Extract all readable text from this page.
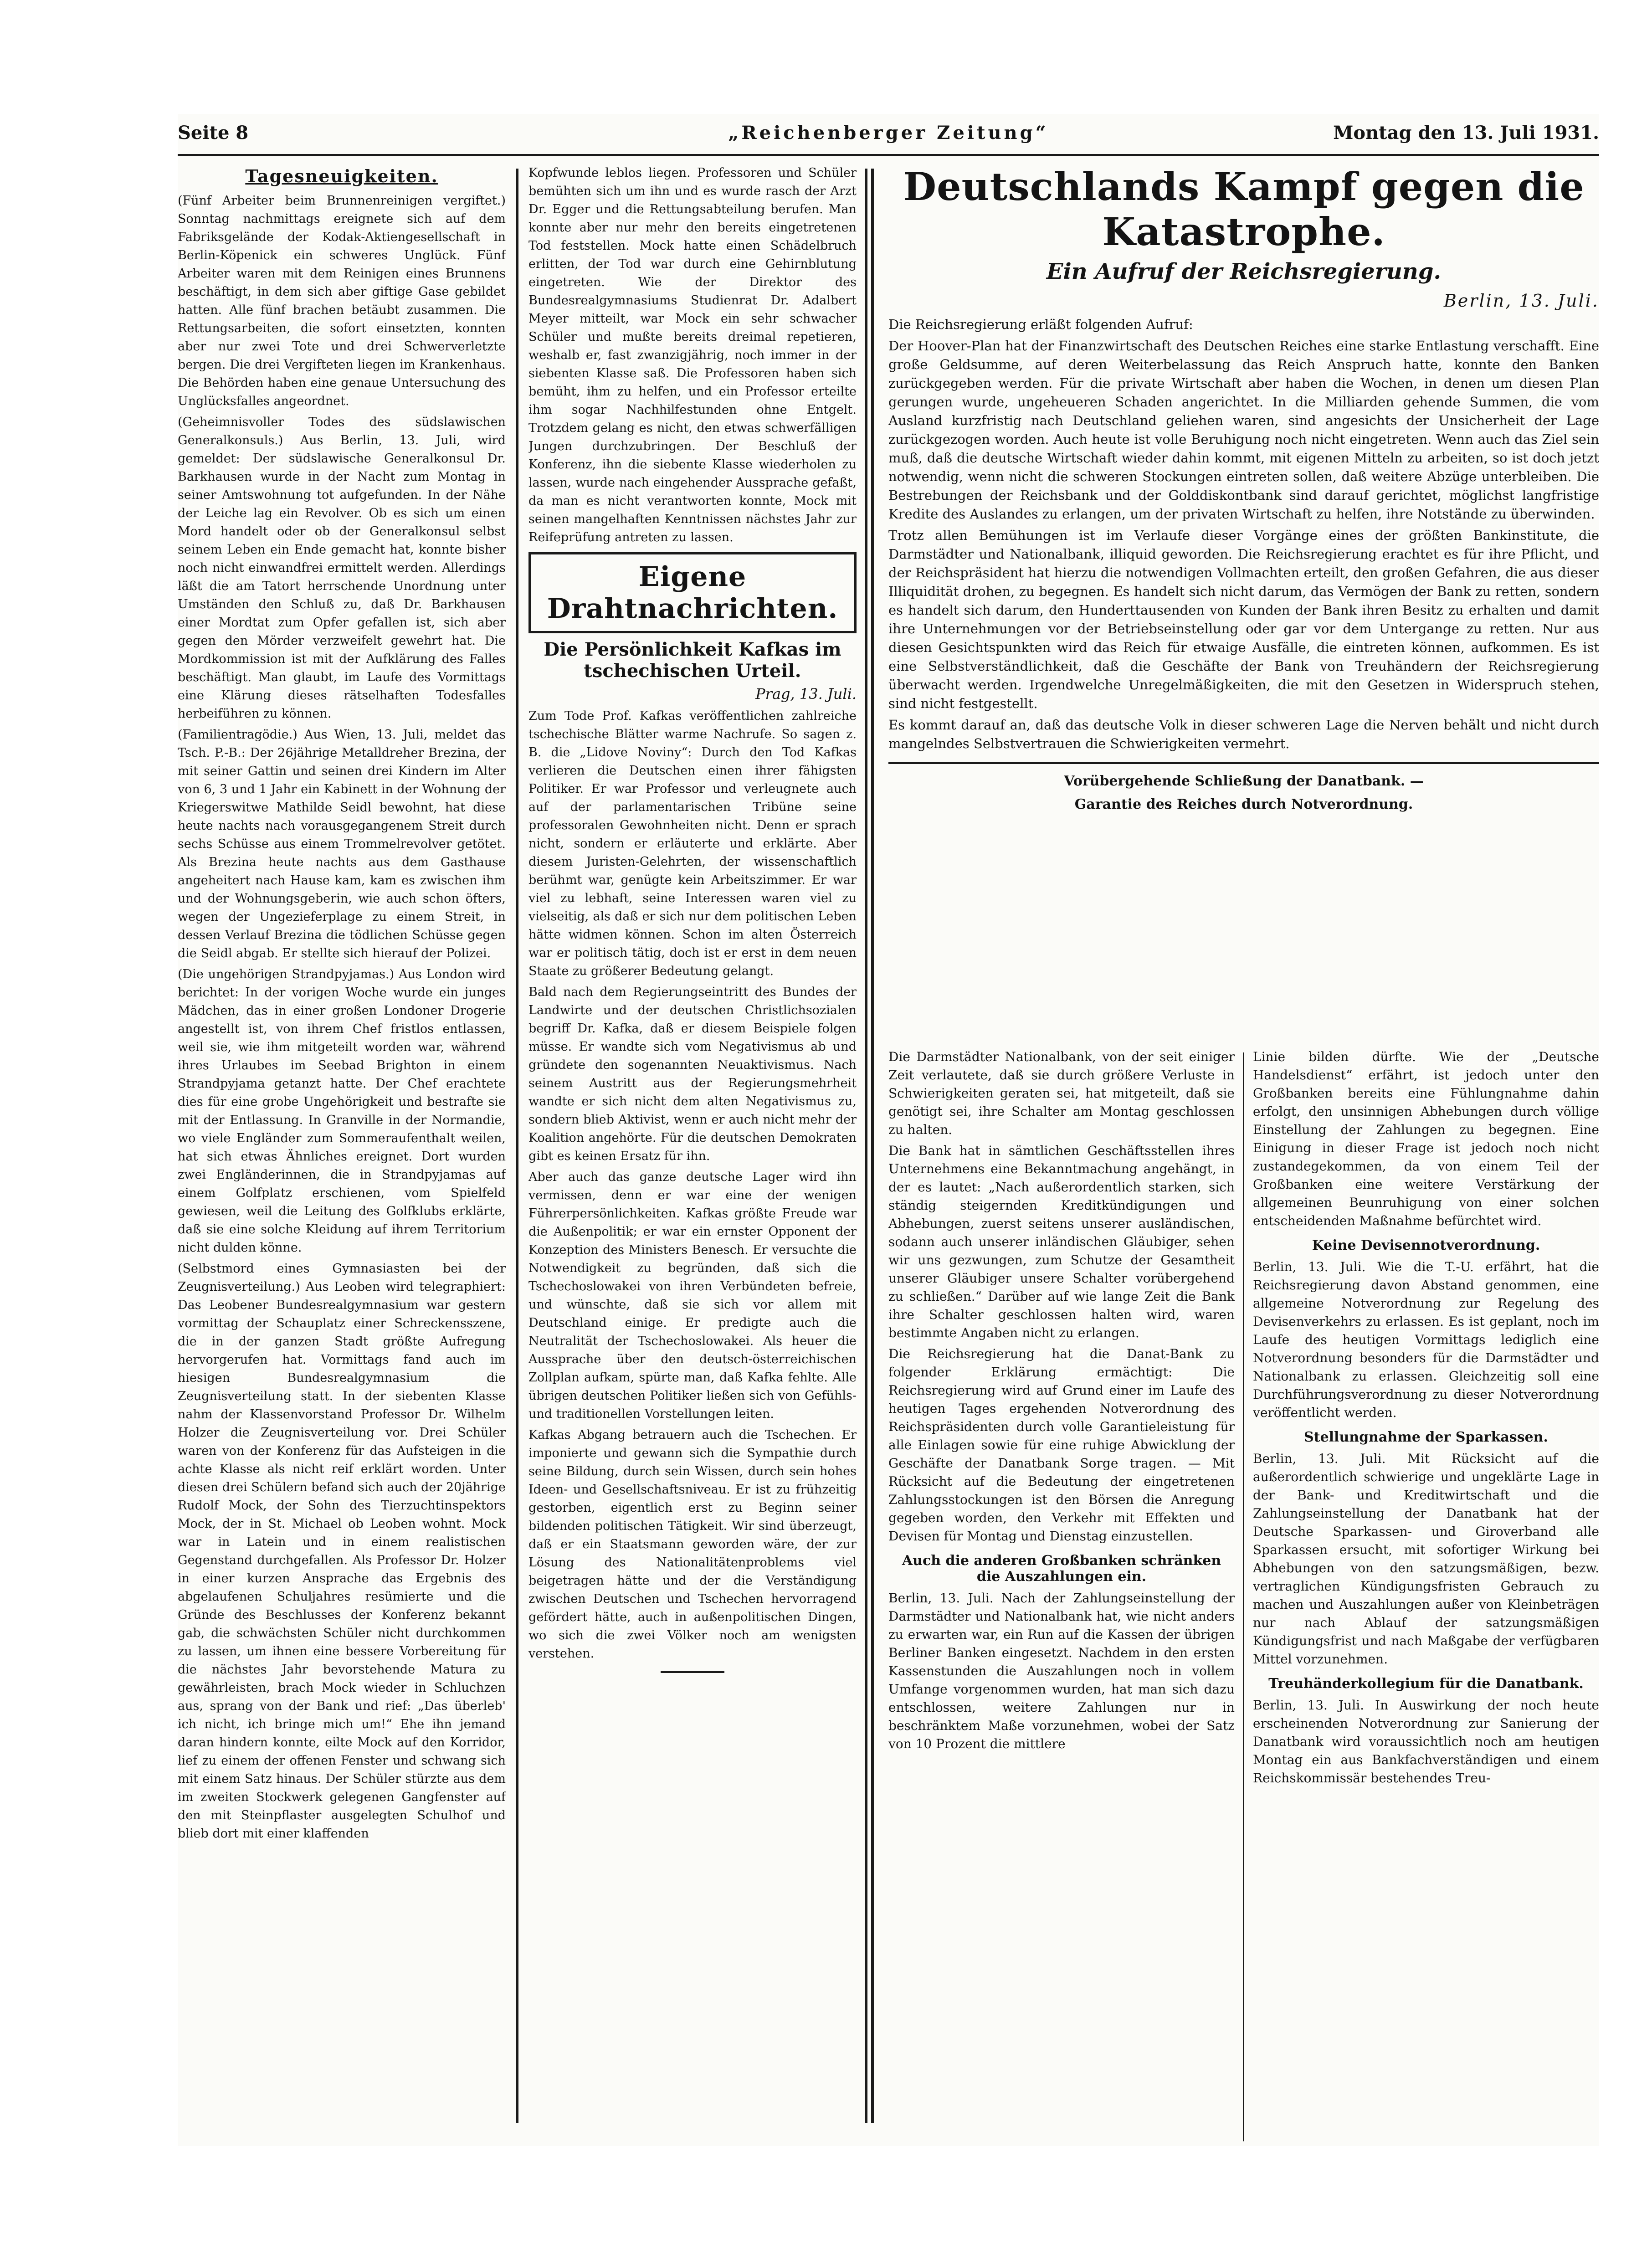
Seite 8	„Reichenberger Zeitung“	Montag den 13. Juli 1931.
Tagesneuigkeiten.

(Fünf Arbeiter beim Brunnenreinigen vergiftet.) Sonntag nachmittags ereignete sich auf dem Fabriksgelände der Kodak-Aktiengesellschaft in Berlin-Köpenick ein schweres Unglück. Fünf Arbeiter waren mit dem Reinigen eines Brunnens beschäftigt, in dem sich aber giftige Gase gebildet hatten. Alle fünf brachen betäubt zusammen. Die Rettungsarbeiten, die sofort einsetzten, konnten aber nur zwei Tote und drei Schwerverletzte bergen. Die drei Vergifteten liegen im Krankenhaus. Die Behörden haben eine genaue Untersuchung des Unglücksfalles angeordnet.

(Geheimnisvoller Todes des südslawischen Generalkonsuls.) Aus Berlin, 13. Juli, wird gemeldet: Der südslawische Generalkonsul Dr. Barkhausen wurde in der Nacht zum Montag in seiner Amtswohnung tot aufgefunden. In der Nähe der Leiche lag ein Revolver. Ob es sich um einen Mord handelt oder ob der Generalkonsul selbst seinem Leben ein Ende gemacht hat, konnte bisher noch nicht einwandfrei ermittelt werden. Allerdings läßt die am Tatort herrschende Unordnung unter Umständen den Schluß zu, daß Dr. Barkhausen einer Mordtat zum Opfer gefallen ist, sich aber gegen den Mörder verzweifelt gewehrt hat. Die Mordkommission ist mit der Aufklärung des Falles beschäftigt. Man glaubt, im Laufe des Vormittags eine Klärung dieses rätselhaften Todesfalles herbeiführen zu können.

(Familientragödie.) Aus Wien, 13. Juli, meldet das Tsch. P.-B.: Der 26jährige Metalldreher Brezina, der mit seiner Gattin und seinen drei Kindern im Alter von 6, 3 und 1 Jahr ein Kabinett in der Wohnung der Kriegerswitwe Mathilde Seidl bewohnt, hat diese heute nachts nach vorausgegangenem Streit durch sechs Schüsse aus einem Trommelrevolver getötet. Als Brezina heute nachts aus dem Gasthause angeheitert nach Hause kam, kam es zwischen ihm und der Wohnungsgeberin, wie auch schon öfters, wegen der Ungezieferplage zu einem Streit, in dessen Verlauf Brezina die tödlichen Schüsse gegen die Seidl abgab. Er stellte sich hierauf der Polizei.

(Die ungehörigen Strandpyjamas.) Aus London wird berichtet: In der vorigen Woche wurde ein junges Mädchen, das in einer großen Londoner Drogerie angestellt ist, von ihrem Chef fristlos entlassen, weil sie, wie ihm mitgeteilt worden war, während ihres Urlaubes im Seebad Brighton in einem Strandpyjama getanzt hatte. Der Chef erachtete dies für eine grobe Ungehörigkeit und bestrafte sie mit der Entlassung. In Granville in der Normandie, wo viele Engländer zum Sommeraufenthalt weilen, hat sich etwas Ähnliches ereignet. Dort wurden zwei Engländerinnen, die in Strandpyjamas auf einem Golfplatz erschienen, vom Spielfeld gewiesen, weil die Leitung des Golfklubs erklärte, daß sie eine solche Kleidung auf ihrem Territorium nicht dulden könne.

(Selbstmord eines Gymnasiasten bei der Zeugnisverteilung.) Aus Leoben wird telegraphiert: Das Leobener Bundesrealgymnasium war gestern vormittag der Schauplatz einer Schreckensszene, die in der ganzen Stadt größte Aufregung hervorgerufen hat. Vormittags fand auch im hiesigen Bundesrealgymnasium die Zeugnisverteilung statt. In der siebenten Klasse nahm der Klassenvorstand Professor Dr. Wilhelm Holzer die Zeugnisverteilung vor. Drei Schüler waren von der Konferenz für das Aufsteigen in die achte Klasse als nicht reif erklärt worden. Unter diesen drei Schülern befand sich auch der 20jährige Rudolf Mock, der Sohn des Tierzuchtinspektors Mock, der in St. Michael ob Leoben wohnt. Mock war in Latein und in einem realistischen Gegenstand durchgefallen. Als Professor Dr. Holzer in einer kurzen Ansprache das Ergebnis des abgelaufenen Schuljahres resümierte und die Gründe des Beschlusses der Konferenz bekannt gab, die schwächsten Schüler nicht durchkommen zu lassen, um ihnen eine bessere Vorbereitung für die nächstes Jahr bevorstehende Matura zu gewährleisten, brach Mock wieder in Schluchzen aus, sprang von der Bank und rief: „Das überleb' ich nicht, ich bringe mich um!“ Ehe ihn jemand daran hindern konnte, eilte Mock auf den Korridor, lief zu einem der offenen Fenster und schwang sich mit einem Satz hinaus. Der Schüler stürzte aus dem im zweiten Stockwerk gelegenen Gangfenster auf den mit Steinpflaster ausgelegten Schulhof und blieb dort mit einer klaffenden

Kopfwunde leblos liegen. Professoren und Schüler bemühten sich um ihn und es wurde rasch der Arzt Dr. Egger und die Rettungsabteilung berufen. Man konnte aber nur mehr den bereits eingetretenen Tod feststellen. Mock hatte einen Schädelbruch erlitten, der Tod war durch eine Gehirnblutung eingetreten. Wie der Direktor des Bundesrealgymnasiums Studienrat Dr. Adalbert Meyer mitteilt, war Mock ein sehr schwacher Schüler und mußte bereits dreimal repetieren, weshalb er, fast zwanzigjährig, noch immer in der siebenten Klasse saß. Die Professoren haben sich bemüht, ihm zu helfen, und ein Professor erteilte ihm sogar Nachhilfestunden ohne Entgelt. Trotzdem gelang es nicht, den etwas schwerfälligen Jungen durchzubringen. Der Beschluß der Konferenz, ihn die siebente Klasse wiederholen zu lassen, wurde nach eingehender Aussprache gefaßt, da man es nicht verantworten konnte, Mock mit seinen mangelhaften Kenntnissen nächstes Jahr zur Reifeprüfung antreten zu lassen.

Eigene Drahtnachrichten.
Die Persönlichkeit Kafkas im tschechischen Urteil.

Prag, 13. Juli.

Zum Tode Prof. Kafkas veröffentlichen zahlreiche tschechische Blätter warme Nachrufe. So sagen z. B. die „Lidove Noviny“: Durch den Tod Kafkas verlieren die Deutschen einen ihrer fähigsten Politiker. Er war Professor und verleugnete auch auf der parlamentarischen Tribüne seine professoralen Gewohnheiten nicht. Denn er sprach nicht, sondern er erläuterte und erklärte. Aber diesem Juristen-Gelehrten, der wissenschaftlich berühmt war, genügte kein Arbeitszimmer. Er war viel zu lebhaft, seine Interessen waren viel zu vielseitig, als daß er sich nur dem politischen Leben hätte widmen können. Schon im alten Österreich war er politisch tätig, doch ist er erst in dem neuen Staate zu größerer Bedeutung gelangt.

Bald nach dem Regierungseintritt des Bundes der Landwirte und der deutschen Christlichsozialen begriff Dr. Kafka, daß er diesem Beispiele folgen müsse. Er wandte sich vom Negativismus ab und gründete den sogenannten Neuaktivismus. Nach seinem Austritt aus der Regierungsmehrheit wandte er sich nicht dem alten Negativismus zu, sondern blieb Aktivist, wenn er auch nicht mehr der Koalition angehörte. Für die deutschen Demokraten gibt es keinen Ersatz für ihn.

Aber auch das ganze deutsche Lager wird ihn vermissen, denn er war eine der wenigen Führerpersönlichkeiten. Kafkas größte Freude war die Außenpolitik; er war ein ernster Opponent der Konzeption des Ministers Benesch. Er versuchte die Notwendigkeit zu begründen, daß sich die Tschechoslowakei von ihren Verbündeten befreie, und wünschte, daß sie sich vor allem mit Deutschland einige. Er predigte auch die Neutralität der Tschechoslowakei. Als heuer die Aussprache über den deutsch-österreichischen Zollplan aufkam, spürte man, daß Kafka fehlte. Alle übrigen deutschen Politiker ließen sich von Gefühls- und traditionellen Vorstellungen leiten.

Kafkas Abgang betrauern auch die Tschechen. Er imponierte und gewann sich die Sympathie durch seine Bildung, durch sein Wissen, durch sein hohes Ideen- und Gesellschaftsniveau. Er ist zu frühzeitig gestorben, eigentlich erst zu Beginn seiner bildenden politischen Tätigkeit. Wir sind überzeugt, daß er ein Staatsmann geworden wäre, der zur Lösung des Nationalitätenproblems viel beigetragen hätte und der die Verständigung zwischen Deutschen und Tschechen hervorragend gefördert hätte, auch in außenpolitischen Dingen, wo sich die zwei Völker noch am wenigsten verstehen.

Deutschlands Kampf gegen die Katastrophe.
Ein Aufruf der Reichsregierung.

Berlin, 13. Juli.

Die Reichsregierung erläßt folgenden Aufruf:

Der Hoover-Plan hat der Finanzwirtschaft des Deutschen Reiches eine starke Entlastung verschafft. Eine große Geldsumme, auf deren Weiterbelassung das Reich Anspruch hatte, konnte den Banken zurückgegeben werden. Für die private Wirtschaft aber haben die Wochen, in denen um diesen Plan gerungen wurde, ungeheueren Schaden angerichtet. In die Milliarden gehende Summen, die vom Ausland kurzfristig nach Deutschland geliehen waren, sind angesichts der Unsicherheit der Lage zurückgezogen worden. Auch heute ist volle Beruhigung noch nicht eingetreten. Wenn auch das Ziel sein muß, daß die deutsche Wirtschaft wieder dahin kommt, mit eigenen Mitteln zu arbeiten, so ist doch jetzt notwendig, wenn nicht die schweren Stockungen eintreten sollen, daß weitere Abzüge unterbleiben. Die Bestrebungen der Reichsbank und der Golddiskontbank sind darauf gerichtet, möglichst langfristige Kredite des Auslandes zu erlangen, um der privaten Wirtschaft zu helfen, ihre Notstände zu überwinden.

Trotz allen Bemühungen ist im Verlaufe dieser Vorgänge eines der größten Bankinstitute, die Darmstädter und Nationalbank, illiquid geworden. Die Reichsregierung erachtet es für ihre Pflicht, und der Reichspräsident hat hierzu die notwendigen Vollmachten erteilt, den großen Gefahren, die aus dieser Illiquidität drohen, zu begegnen. Es handelt sich nicht darum, das Vermögen der Bank zu retten, sondern es handelt sich darum, den Hunderttausenden von Kunden der Bank ihren Besitz zu erhalten und damit ihre Unternehmungen vor der Betriebseinstellung oder gar vor dem Untergange zu retten. Nur aus diesen Gesichtspunkten wird das Reich für etwaige Ausfälle, die eintreten können, aufkommen. Es ist eine Selbstverständlichkeit, daß die Geschäfte der Bank von Treuhändern der Reichsregierung überwacht werden. Irgendwelche Unregelmäßigkeiten, die mit den Gesetzen in Widerspruch stehen, sind nicht festgestellt.

Es kommt darauf an, daß das deutsche Volk in dieser schweren Lage die Nerven behält und nicht durch mangelndes Selbstvertrauen die Schwierigkeiten vermehrt.

Vorübergehende Schließung der Danatbank. —
Garantie des Reiches durch Notverordnung.

Die Darmstädter Nationalbank, von der seit einiger Zeit verlautete, daß sie durch größere Verluste in Schwierigkeiten geraten sei, hat mitgeteilt, daß sie genötigt sei, ihre Schalter am Montag geschlossen zu halten.

Die Bank hat in sämtlichen Geschäftsstellen ihres Unternehmens eine Bekanntmachung angehängt, in der es lautet: „Nach außerordentlich starken, sich ständig steigernden Kreditkündigungen und Abhebungen, zuerst seitens unserer ausländischen, sodann auch unserer inländischen Gläubiger, sehen wir uns gezwungen, zum Schutze der Gesamtheit unserer Gläubiger unsere Schalter vorübergehend zu schließen.“ Darüber auf wie lange Zeit die Bank ihre Schalter geschlossen halten wird, waren bestimmte Angaben nicht zu erlangen.

Die Reichsregierung hat die Danat-Bank zu folgender Erklärung ermächtigt: Die Reichsregierung wird auf Grund einer im Laufe des heutigen Tages ergehenden Notverordnung des Reichspräsidenten durch volle Garantieleistung für alle Einlagen sowie für eine ruhige Abwicklung der Geschäfte der Danatbank Sorge tragen. — Mit Rücksicht auf die Bedeutung der eingetretenen Zahlungsstockungen ist den Börsen die Anregung gegeben worden, den Verkehr mit Effekten und Devisen für Montag und Dienstag einzustellen.

Auch die anderen Großbanken schränken die Auszahlungen ein.

Berlin, 13. Juli. Nach der Zahlungseinstellung der Darmstädter und Nationalbank hat, wie nicht anders zu erwarten war, ein Run auf die Kassen der übrigen Berliner Banken eingesetzt. Nachdem in den ersten Kassenstunden die Auszahlungen noch in vollem Umfange vorgenommen wurden, hat man sich dazu entschlossen, weitere Zahlungen nur in beschränktem Maße vorzunehmen, wobei der Satz von 10 Prozent die mittlere

Linie bilden dürfte. Wie der „Deutsche Handelsdienst“ erfährt, ist jedoch unter den Großbanken bereits eine Fühlungnahme dahin erfolgt, den unsinnigen Abhebungen durch völlige Einstellung der Zahlungen zu begegnen. Eine Einigung in dieser Frage ist jedoch noch nicht zustandegekommen, da von einem Teil der Großbanken eine weitere Verstärkung der allgemeinen Beunruhigung von einer solchen entscheidenden Maßnahme befürchtet wird.

Keine Devisennotverordnung.

Berlin, 13. Juli. Wie die T.-U. erfährt, hat die Reichsregierung davon Abstand genommen, eine allgemeine Notverordnung zur Regelung des Devisenverkehrs zu erlassen. Es ist geplant, noch im Laufe des heutigen Vormittags lediglich eine Notverordnung besonders für die Darmstädter und Nationalbank zu erlassen. Gleichzeitig soll eine Durchführungsverordnung zu dieser Notverordnung veröffentlicht werden.

Stellungnahme der Sparkassen.

Berlin, 13. Juli. Mit Rücksicht auf die außerordentlich schwierige und ungeklärte Lage in der Bank- und Kreditwirtschaft und die Zahlungseinstellung der Danatbank hat der Deutsche Sparkassen- und Giroverband alle Sparkassen ersucht, mit sofortiger Wirkung bei Abhebungen von den satzungsmäßigen, bezw. vertraglichen Kündigungsfristen Gebrauch zu machen und Auszahlungen außer von Kleinbeträgen nur nach Ablauf der satzungsmäßigen Kündigungsfrist und nach Maßgabe der verfügbaren Mittel vorzunehmen.

Treuhänderkollegium für die Danatbank.

Berlin, 13. Juli. In Auswirkung der noch heute erscheinenden Notverordnung zur Sanierung der Danatbank wird voraussichtlich noch am heutigen Montag ein aus Bankfachverständigen und einem Reichskommissär bestehendes Treu-
